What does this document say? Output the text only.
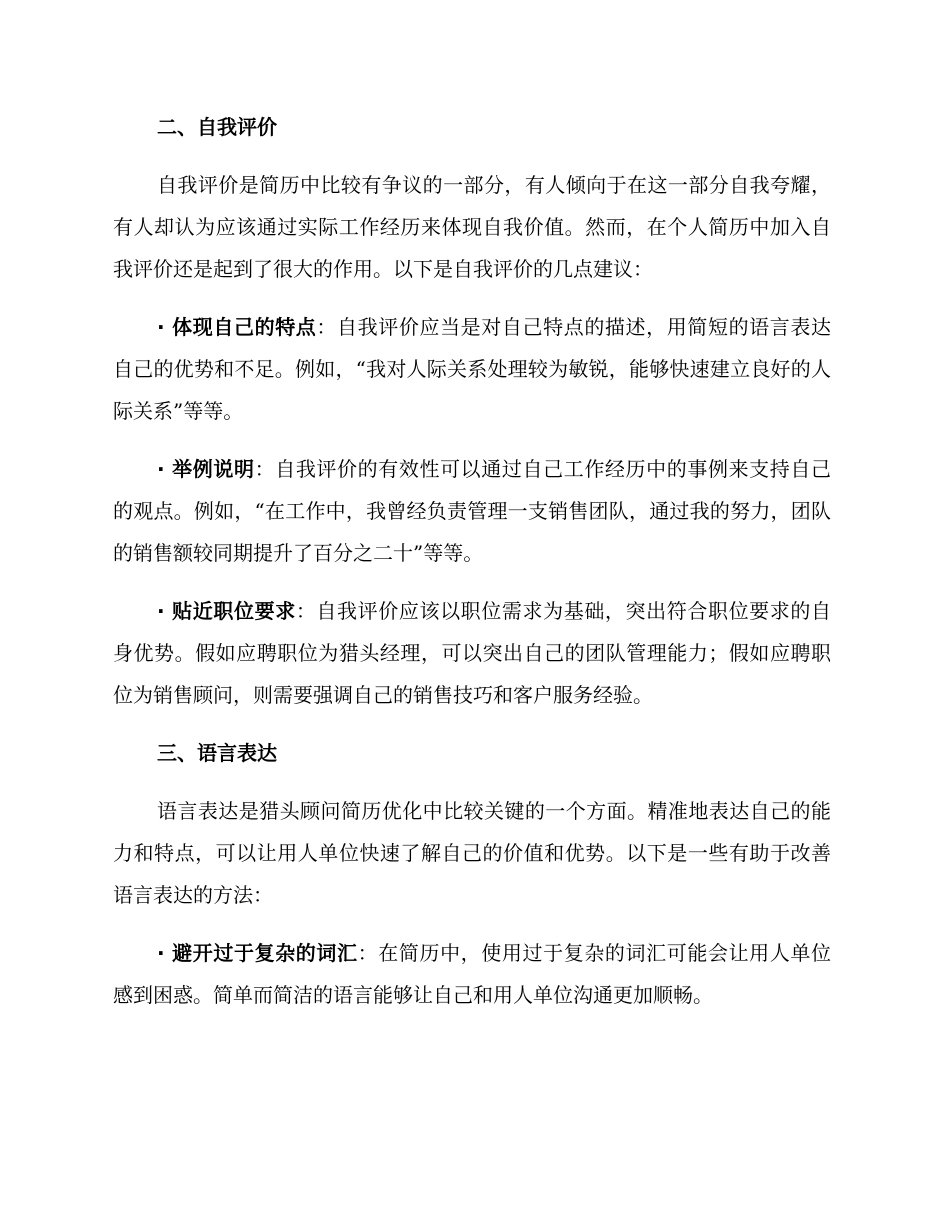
二、自我评价

自我评价是简历中比较有争议的一部分，有人倾向于在这一部分自我夸耀，有人却认为应该通过实际工作经历来体现自我价值。然而，在个人简历中加入自我评价还是起到了很大的作用。以下是自我评价的几点建议：

· 体现自己的特点：自我评价应当是对自己特点的描述，用简短的语言表达自己的优势和不足。例如，“我对人际关系处理较为敏锐，能够快速建立良好的人际关系”等等。

· 举例说明：自我评价的有效性可以通过自己工作经历中的事例来支持自己的观点。例如，“在工作中，我曾经负责管理一支销售团队，通过我的努力，团队的销售额较同期提升了百分之二十”等等。

· 贴近职位要求：自我评价应该以职位需求为基础，突出符合职位要求的自身优势。假如应聘职位为猎头经理，可以突出自己的团队管理能力；假如应聘职位为销售顾问，则需要强调自己的销售技巧和客户服务经验。

三、语言表达

语言表达是猎头顾问简历优化中比较关键的一个方面。精准地表达自己的能力和特点，可以让用人单位快速了解自己的价值和优势。以下是一些有助于改善语言表达的方法：

· 避开过于复杂的词汇：在简历中，使用过于复杂的词汇可能会让用人单位感到困惑。简单而简洁的语言能够让自己和用人单位沟通更加顺畅。
